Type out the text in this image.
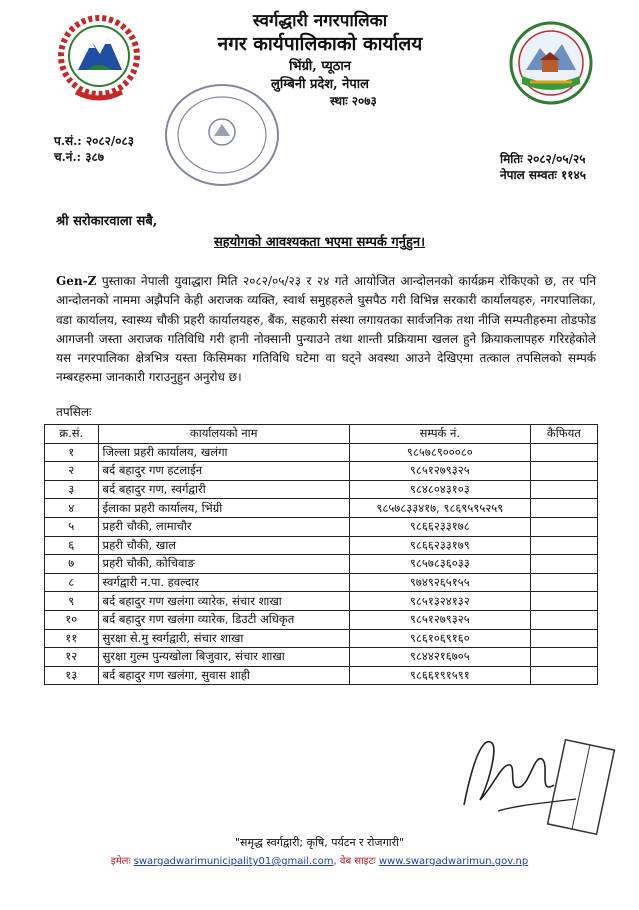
स्वर्गद्धारी नगरपालिका
नगर कार्यपालिकाको कार्यालय
भिंग्री, प्यूठान
लुम्बिनी प्रदेश, नेपाल
स्थाः २०७३
प.सं.: २०८२/०८३
च.नं.: ३८७	मितिः २०८२/०५/२५
नेपाल सम्वतः ११४५
श्री सरोकारवाला सबै,
सहयोगको आवश्यकता भएमा सम्पर्क गर्नुहुन।
Gen-Z पुस्ताका नेपाली युवाद्धारा मिति २०८२/०५/२३ र २४ गते आयोजित आन्दोलनको कार्यक्रम रोकिएको छ, तर पनि आन्दोलनको नाममा अझैपनि केही अराजक व्यक्ति, स्वार्थ समुहहरुले घुसपैठ गरी विभिन्न सरकारी कार्यालयहरु, नगरपालिका, वडा कार्यालय, स्वास्थ्य चौकी प्रहरी कार्यालयहरु, बैंक, सहकारी संस्था लगायतका सार्वजनिक तथा नीजि सम्पतीहरुमा तोडफोड आगजनी जस्ता अराजक गतिविधि गरी हानी नोक्सानी पुन्याउने तथा शान्ती प्रक्रियामा खलल हुने क्रियाकलापहरु गरिरहेकोले यस नगरपालिका क्षेत्रभित्र यस्ता किसिमका गतिविधि घटेमा वा घट्ने अवस्था आउने देखिएमा तत्काल तपसिलको सम्पर्क नम्बरहरुमा जानकारी गराउनुहुन अनुरोध छ।
तपसिलः
क्र.सं.	कार्यालयको नाम	सम्पर्क नं.	कैफियत
१	जिल्ला प्रहरी कार्यालय, खलंगा	९८५७८९०००८०	
२	बर्द बहादुर गण हटलाईन	९८५१२७९३२५	
३	बर्द बहादुर गण, स्वर्गद्वारी	९८४८०४३१०३	
४	ईलाका प्रहरी कार्यालय, भिंग्री	९८५७८३३४१७, ९८६९५९५२५९	
५	प्रहरी चौकी, लामाचौर	९८६६२३३१७८	
६	प्रहरी चौकी, खाल	९८६६२३३१७९	
७	प्रहरी चौकी, कोचिवाङ	९८५७८३६०३३	
८	स्वर्गद्वारी न.पा. हवल्दार	९७४९२६५१५५	
९	बर्द बहादुर गण खलंगा व्यारेक, संचार शाखा	९८५१३२४१३२	
१०	बर्द बहादुर गण खलंगा व्यारेक, डिउटी अधिकृत	९८५१२७९३२५	
११	सुरक्षा से.मु स्वर्गद्वारी, संचार शाखा	९८६१०६९१६०	
१२	सुरक्षा गुल्म पुन्यखोला बिजुवार, संचार शाखा	९८४४२१६७०५	
१३	बर्द बहादुर गण खलंगा, सुवास शाही	९८६६१९१५९१	
"समृद्ध स्वर्गद्वारी; कृषि, पर्यटन र रोजगारी"
इमेलः swargadwarimunicipality01@gmail.com, वेब साइटः www.swargadwarimun.gov.np
